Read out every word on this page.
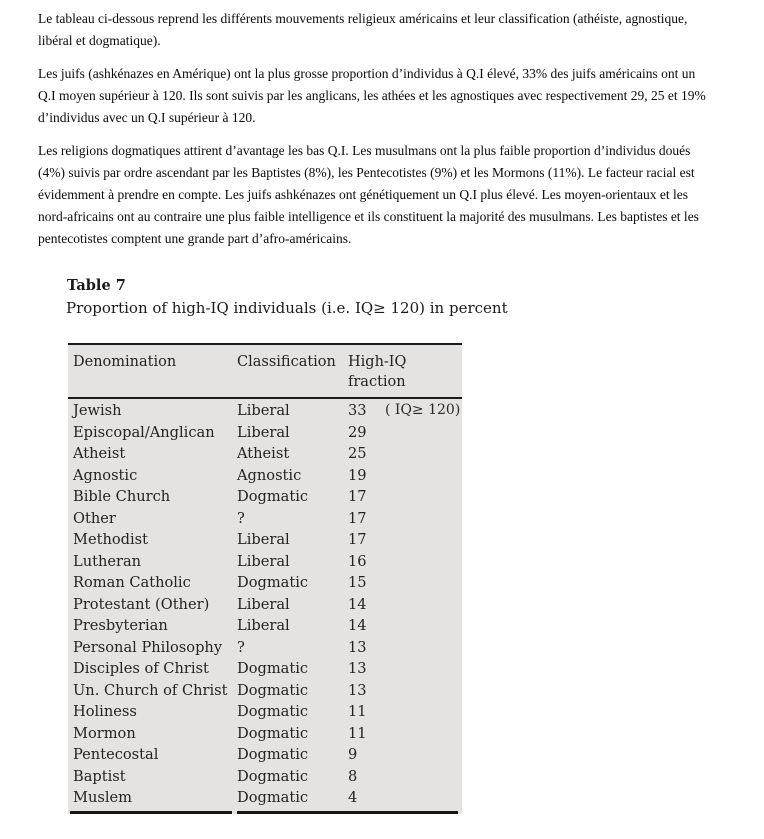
Le tableau ci-dessous reprend les différents mouvements religieux américains et leur classification (athéiste, agnostique,
libéral et dogmatique).
Les juifs (ashkénazes en Amérique) ont la plus grosse proportion d’individus à Q.I élevé, 33% des juifs américains ont un
Q.I moyen supérieur à 120. Ils sont suivis par les anglicans, les athées et les agnostiques avec respectivement 29, 25 et 19%
d’individus avec un Q.I supérieur à 120.
Les religions dogmatiques attirent d’avantage les bas Q.I. Les musulmans ont la plus faible proportion d’individus doués
(4%) suivis par ordre ascendant par les Baptistes (8%), les Pentecotistes (9%) et les Mormons (11%). Le facteur racial est
évidemment à prendre en compte. Les juifs ashkénazes ont génétiquement un Q.I plus élevé. Les moyen-orientaux et les
nord-africains ont au contraire une plus faible intelligence et ils constituent la majorité des musulmans. Les baptistes et les
pentecotistes comptent une grande part d’afro-américains.
Table 7
Proportion of high-IQ individuals (i.e. IQ≥ 120) in percent
Denomination	Classification High-IQ
fraction
( IQ≥ 120)
Jewish	Liberal	33
Episcopal/Anglican	Liberal	29
Atheist	Atheist	25
Agnostic	Agnostic	19
Bible Church	Dogmatic	17
Other	?	17
Methodist	Liberal	17
Lutheran	Liberal	16
Roman Catholic	Dogmatic	15
Protestant (Other)	Liberal	14
Presbyterian	Liberal	14
Personal Philosophy	?	13
Disciples of Christ	Dogmatic	13
Un. Church of Christ Dogmatic	13
Holiness	Dogmatic	11
Mormon	Dogmatic	11
Pentecostal	Dogmatic	9
Baptist	Dogmatic	8
Muslem	Dogmatic	4
